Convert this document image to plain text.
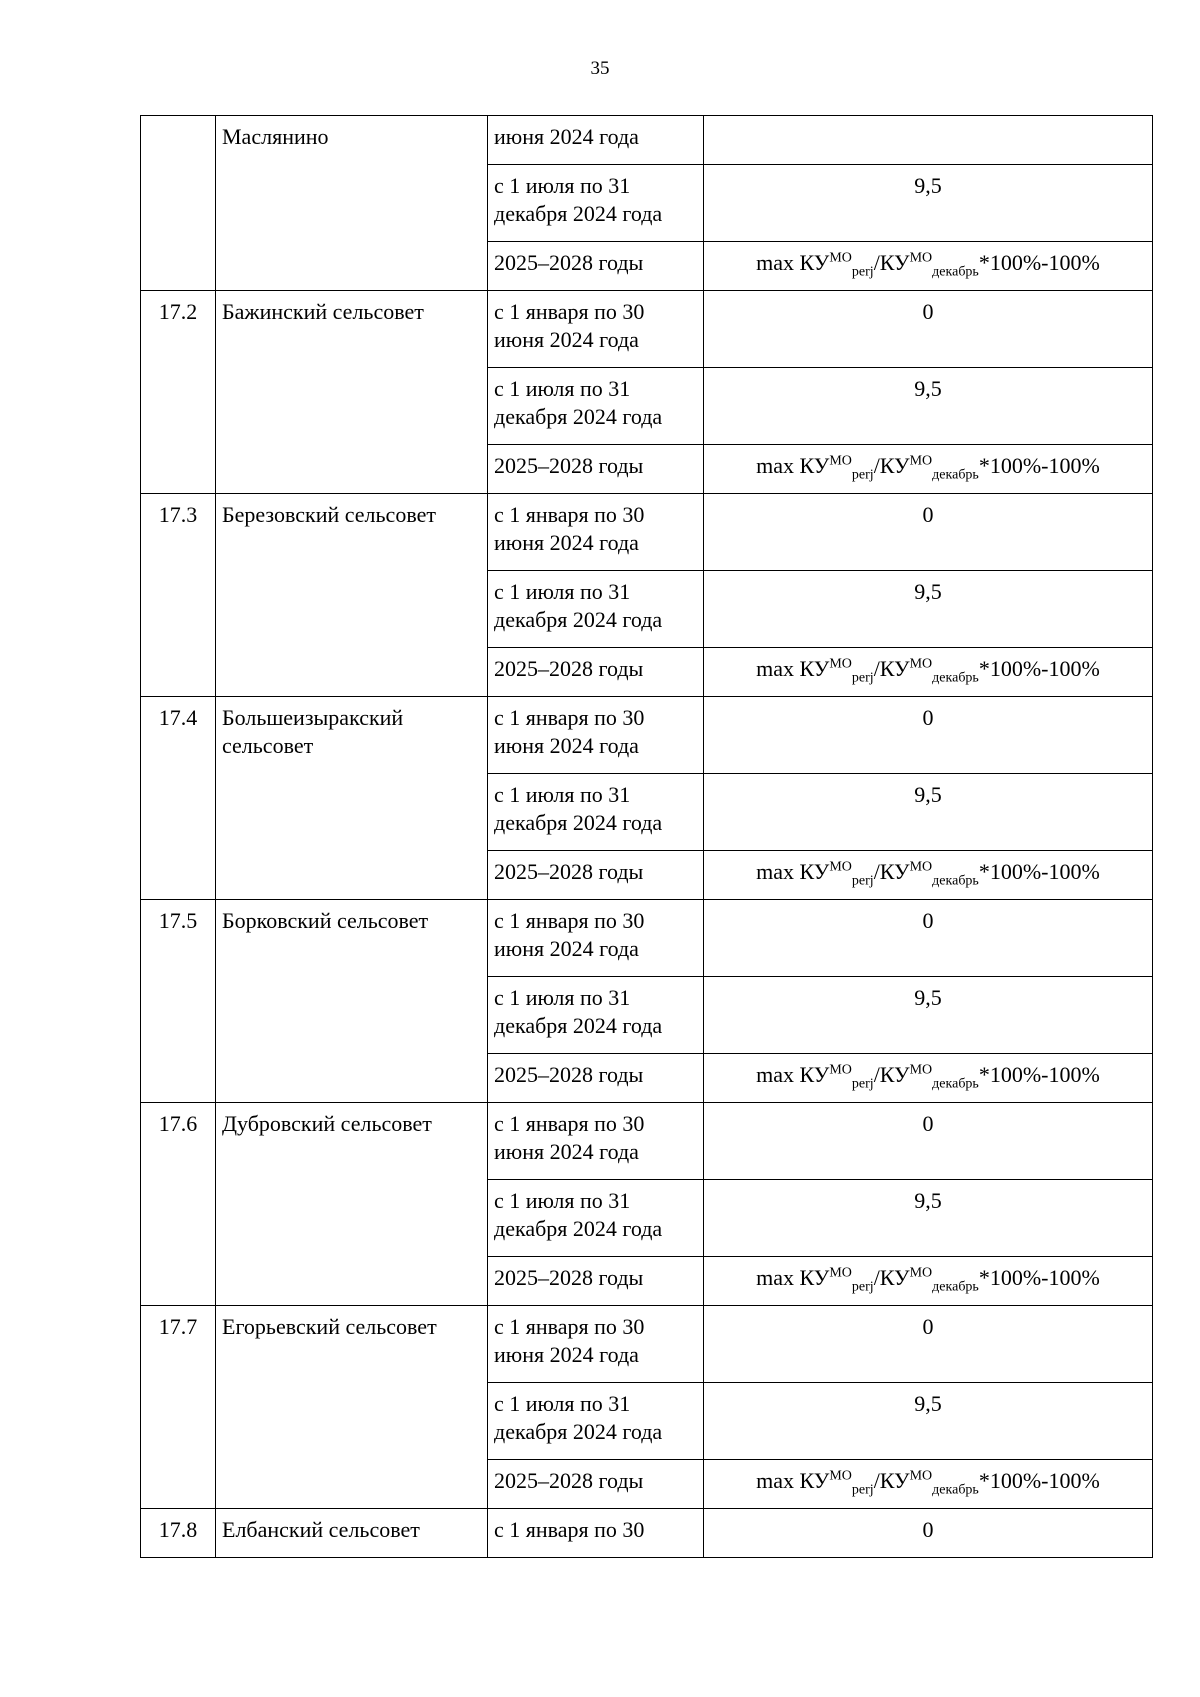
35
	Маслянино	июня 2024 года	
		с 1 июля по 31 декабря 2024 года	9,5
		2025–2028 годы	$\max КУ^{МО}_{perj}/КУ^{МО}_{декабрь}*100\%-100\%$
17.2	Бажинский сельсовет	с 1 января по 30 июня 2024 года	0
		с 1 июля по 31 декабря 2024 года	9,5
		2025–2028 годы	$\max КУ^{МО}_{perj}/КУ^{МО}_{декабрь}*100\%-100\%$
17.3	Березовский сельсовет	с 1 января по 30 июня 2024 года	0
		с 1 июля по 31 декабря 2024 года	9,5
		2025–2028 годы	$\max КУ^{МО}_{perj}/КУ^{МО}_{декабрь}*100\%-100\%$
17.4	Большеизыракский сельсовет	с 1 января по 30 июня 2024 года	0
		с 1 июля по 31 декабря 2024 года	9,5
		2025–2028 годы	$\max КУ^{МО}_{perj}/КУ^{МО}_{декабрь}*100\%-100\%$
17.5	Борковский сельсовет	с 1 января по 30 июня 2024 года	0
		с 1 июля по 31 декабря 2024 года	9,5
		2025–2028 годы	$\max КУ^{МО}_{perj}/КУ^{МО}_{декабрь}*100\%-100\%$
17.6	Дубровский сельсовет	с 1 января по 30 июня 2024 года	0
		с 1 июля по 31 декабря 2024 года	9,5
		2025–2028 годы	$\max КУ^{МО}_{perj}/КУ^{МО}_{декабрь}*100\%-100\%$
17.7	Егорьевский сельсовет	с 1 января по 30 июня 2024 года	0
		с 1 июля по 31 декабря 2024 года	9,5
		2025–2028 годы	$\max КУ^{МО}_{perj}/КУ^{МО}_{декабрь}*100\%-100\%$
17.8	Елбанский сельсовет	с 1 января по 30	0
